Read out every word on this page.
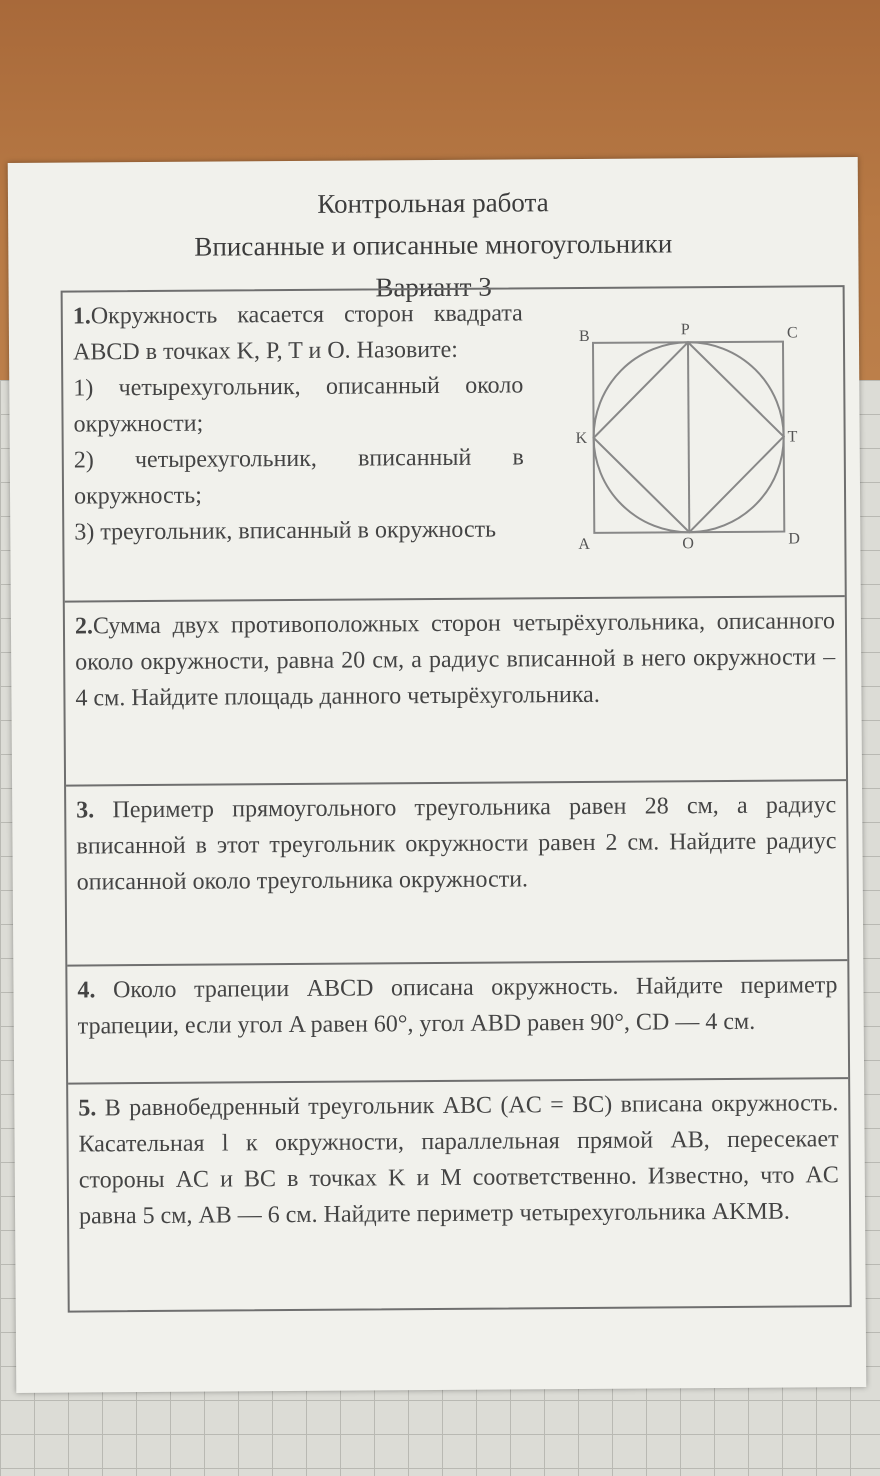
Контрольная работа
Вписанные и описанные многоугольники
Вариант 3
1.Окружность касается сторон квадрата ABCD в точках K, P, T и O. Назовите:
1) четырехугольник, описанный около окружности;
2) четырехугольник, вписанный в окружность;
3) треугольник, вписанный в окружность
B	P	C
K	T
A	O	D
2.Сумма двух противоположных сторон четырёхугольника, описанного около окружности, равна 20 см, а радиус вписанной в него окружности – 4 см. Найдите площадь данного четырёхугольника.
3. Периметр прямоугольного треугольника равен 28 см, а радиус вписанной в этот треугольник окружности равен 2 см. Найдите радиус описанной около треугольника окружности.
4. Около трапеции ABCD описана окружность. Найдите периметр трапеции, если угол A равен 60°, угол ABD равен 90°, CD — 4 см.
5. В равнобедренный треугольник ABC (AC = BC) вписана окружность. Касательная l к окружности, параллельная прямой AB, пересекает стороны AC и BC в точках K и M соответственно. Известно, что AC равна 5 см, AB — 6 см. Найдите периметр четырехугольника AKMB.
